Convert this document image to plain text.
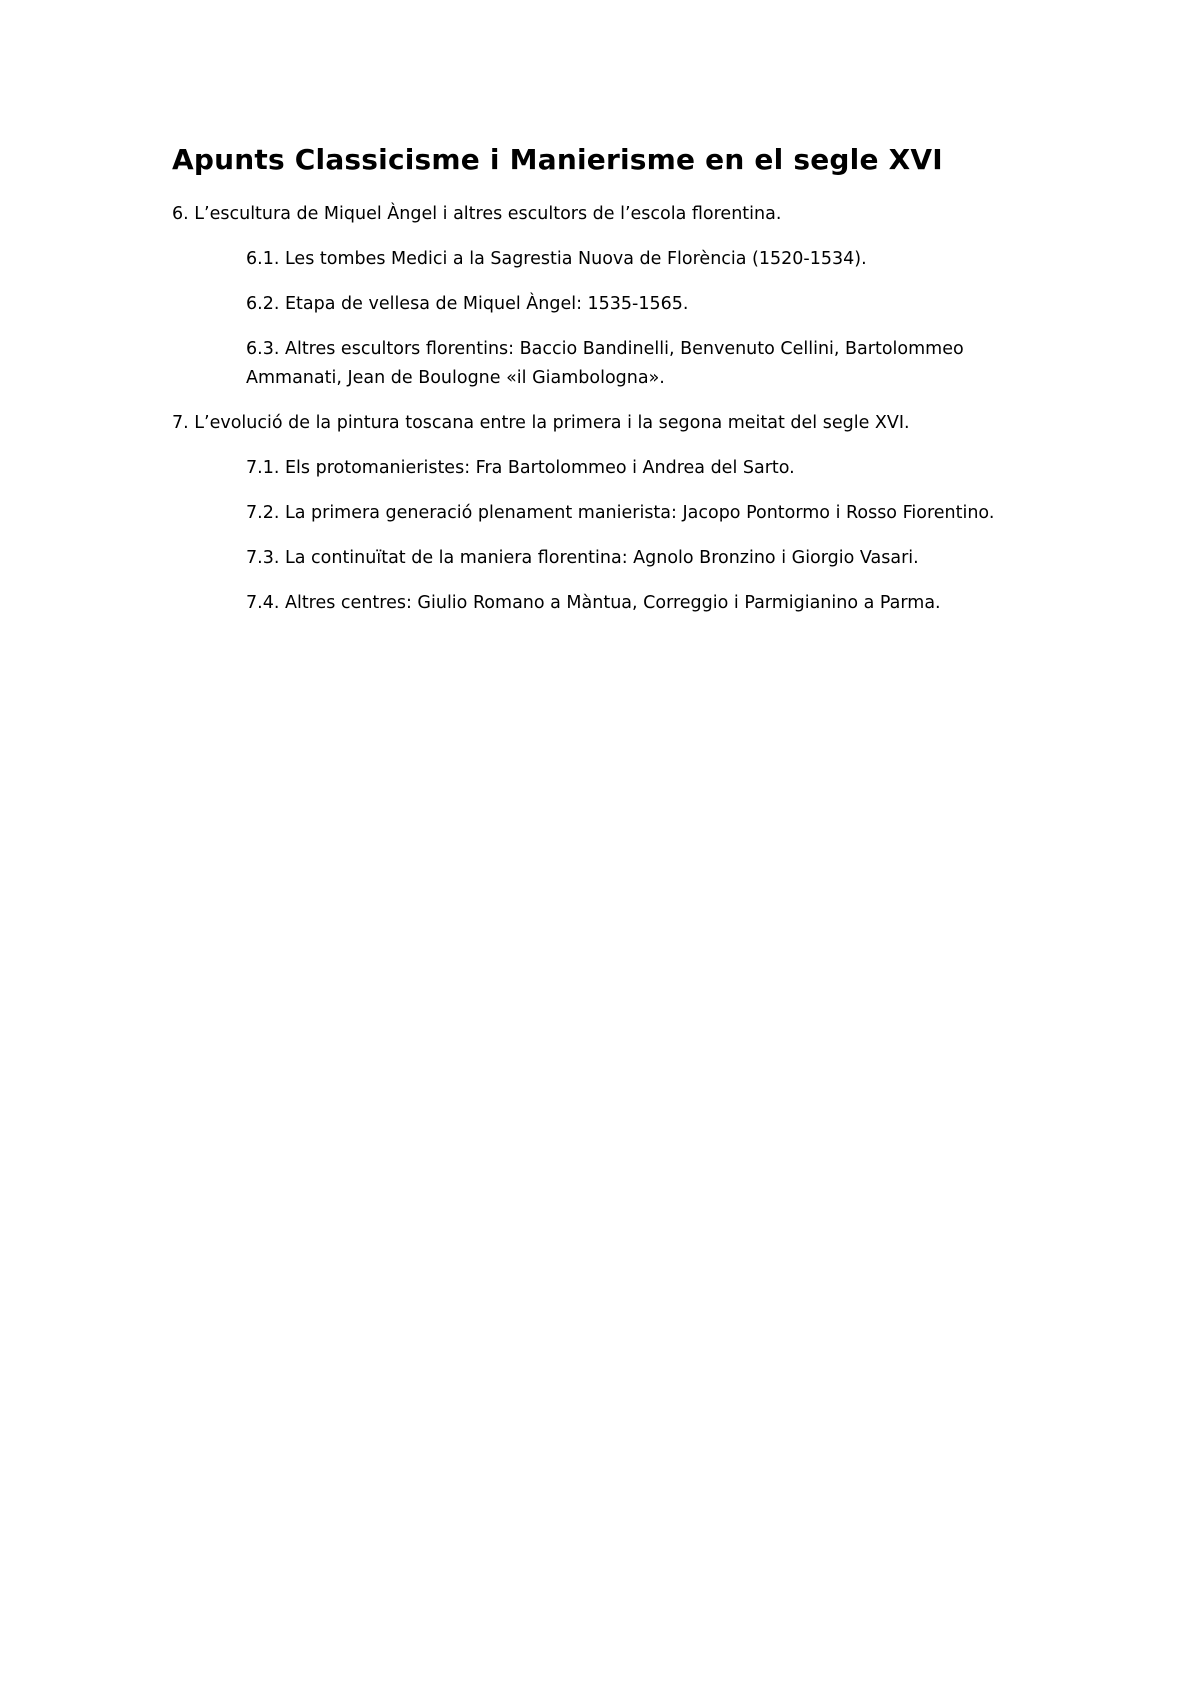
Apunts Classicisme i Manierisme en el segle XVI

6. L’escultura de Miquel Àngel i altres escultors de l’escola florentina.

6.1. Les tombes Medici a la Sagrestia Nuova de Florència (1520-1534).

6.2. Etapa de vellesa de Miquel Àngel: 1535-1565.

6.3. Altres escultors florentins: Baccio Bandinelli, Benvenuto Cellini, Bartolommeo Ammanati, Jean de Boulogne «il Giambologna».

7. L’evolució de la pintura toscana entre la primera i la segona meitat del segle XVI.

7.1. Els protomanieristes: Fra Bartolommeo i Andrea del Sarto.

7.2. La primera generació plenament manierista: Jacopo Pontormo i Rosso Fiorentino.

7.3. La continuïtat de la maniera florentina: Agnolo Bronzino i Giorgio Vasari.

7.4. Altres centres: Giulio Romano a Màntua, Correggio i Parmigianino a Parma.
